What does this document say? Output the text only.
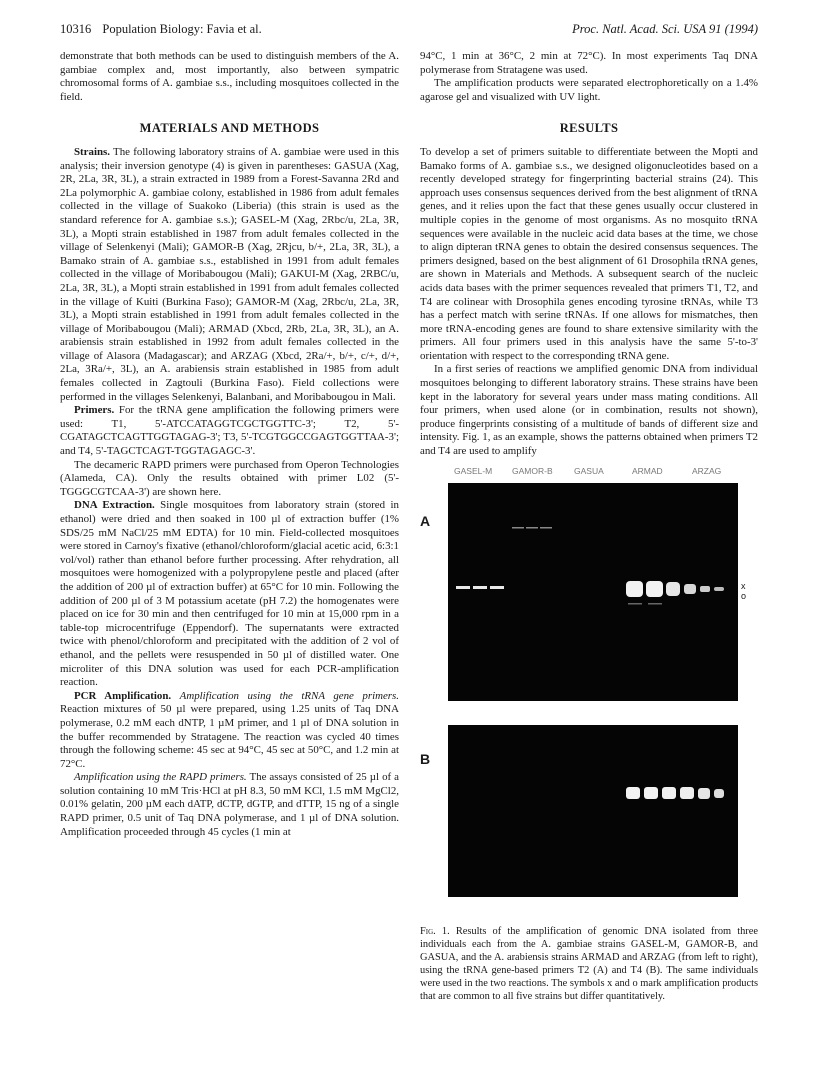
10316 Population Biology: Favia et al.	Proc. Natl. Acad. Sci. USA 91 (1994)

demonstrate that both methods can be used to distinguish members of the A. gambiae complex and, most importantly, also between sympatric chromosomal forms of A. gambiae s.s., including mosquitoes collected in the field.

MATERIALS AND METHODS

Strains. The following laboratory strains of A. gambiae were used in this analysis; their inversion genotype (4) is given in parentheses: GASUA (Xag, 2R, 2La, 3R, 3L), a strain extracted in 1989 from a Forest-Savanna 2Rd and 2La polymorphic A. gambiae colony, established in 1986 from adult females collected in the village of Suakoko (Liberia) (this strain is used as the standard reference for A. gambiae s.s.); GASEL-M (Xag, 2Rbc/u, 2La, 3R, 3L), a Mopti strain established in 1987 from adult females collected in the village of Selenkenyi (Mali); GAMOR-B (Xag, 2Rjcu, b/+, 2La, 3R, 3L), a Bamako strain of A. gambiae s.s., established in 1991 from adult females collected in the village of Moribabougou (Mali); GAKUI-M (Xag, 2RBC/u, 2La, 3R, 3L), a Mopti strain established in 1991 from adult females collected in the village of Kuiti (Burkina Faso); GAMOR-M (Xag, 2Rbc/u, 2La, 3R, 3L), a Mopti strain established in 1991 from adult females collected in the village of Moribabougou (Mali); ARMAD (Xbcd, 2Rb, 2La, 3R, 3L), an A. arabiensis strain established in 1992 from adult females collected in the village of Alasora (Madagascar); and ARZAG (Xbcd, 2Ra/+, b/+, c/+, d/+, 2La, 3Ra/+, 3L), an A. arabiensis strain established in 1985 from adult females collected in Zagtouli (Burkina Faso). Field collections were performed in the villages Selenkenyi, Balanbani, and Moribabougou in Mali.

Primers. For the tRNA gene amplification the following primers were used: T1, 5'-ATCCATAGGTCGCTGGTTC-3'; T2, 5'-CGATAGCTCAGTTGGTAGAG-3'; T3, 5'-TCGTGGCCGAGTGGTTAA-3'; and T4, 5'-TAGCTCAGT-TGGTAGAGC-3'.

The decameric RAPD primers were purchased from Operon Technologies (Alameda, CA). Only the results obtained with primer L02 (5'-TGGGCGTCAA-3') are shown here.

DNA Extraction. Single mosquitoes from laboratory strain (stored in ethanol) were dried and then soaked in 100 µl of extraction buffer (1% SDS/25 mM NaCl/25 mM EDTA) for 10 min. Field-collected mosquitoes were stored in Carnoy's fixative (ethanol/chloroform/glacial acetic acid, 6:3:1 vol/vol) rather than ethanol before further processing. After rehydration, all mosquitoes were homogenized with a polypropylene pestle and placed (after the addition of 200 µl of extraction buffer) at 65°C for 10 min. Following the addition of 200 µl of 3 M potassium acetate (pH 7.2) the homogenates were placed on ice for 30 min and then centrifuged for 10 min at 15,000 rpm in a table-top microcentrifuge (Eppendorf). The supernatants were extracted twice with phenol/chloroform and precipitated with the addition of 2 vol of ethanol, and the pellets were resuspended in 50 µl of distilled water. One microliter of this DNA solution was used for each PCR-amplification reaction.

PCR Amplification. Amplification using the tRNA gene primers. Reaction mixtures of 50 µl were prepared, using 1.25 units of Taq DNA polymerase, 0.2 mM each dNTP, 1 µM primer, and 1 µl of DNA solution in the buffer recommended by Stratagene. The reaction was cycled 40 times through the following scheme: 45 sec at 94°C, 45 sec at 50°C, and 1.2 min at 72°C.

Amplification using the RAPD primers. The assays consisted of 25 µl of a solution containing 10 mM Tris·HCl at pH 8.3, 50 mM KCl, 1.5 mM MgCl2, 0.01% gelatin, 200 µM each dATP, dCTP, dGTP, and dTTP, 15 ng of a single RAPD primer, 0.5 unit of Taq DNA polymerase, and 1 µl of DNA solution. Amplification proceeded through 45 cycles (1 min at

94°C, 1 min at 36°C, 2 min at 72°C). In most experiments Taq DNA polymerase from Stratagene was used.

The amplification products were separated electrophoretically on a 1.4% agarose gel and visualized with UV light.

RESULTS

To develop a set of primers suitable to differentiate between the Mopti and Bamako forms of A. gambiae s.s., we designed oligonucleotides based on a recently developed strategy for fingerprinting bacterial strains (24). This approach uses consensus sequences derived from the best alignment of tRNA genes, and it relies upon the fact that these genes usually occur clustered in multiple copies in the genome of most organisms. As no mosquito tRNA sequences were available in the nucleic acid data bases at the time, we chose to align dipteran tRNA genes to obtain the desired consensus sequences. The primers designed, based on the best alignment of 61 Drosophila tRNA genes, are shown in Materials and Methods. A subsequent search of the nucleic acids data bases with the primer sequences revealed that primers T1, T2, and T4 are colinear with Drosophila genes encoding tyrosine tRNAs, while T3 has a perfect match with serine tRNAs. If one allows for mismatches, then more tRNA-encoding genes are found to share extensive similarity with the primers. All four primers used in this analysis have the same 5'-to-3' orientation with respect to the corresponding tRNA gene.

In a first series of reactions we amplified genomic DNA from individual mosquitoes belonging to different laboratory strains. These strains have been kept in the laboratory for several years under mass mating conditions. All four primers, when used alone (or in combination, results not shown), produce fingerprints consisting of a multitude of bands of different size and intensity. Fig. 1, as an example, shows the patterns obtained when primers T2 and T4 are used to amplify

GASEL-M GAMOR-B	GASUA	ARMAD	ARZAG
A
x
o
B
Fig. 1. Results of the amplification of genomic DNA isolated from three individuals each from the A. gambiae strains GASEL-M, GAMOR-B, and GASUA, and the A. arabiensis strains ARMAD and ARZAG (from left to right), using the tRNA gene-based primers T2 (A) and T4 (B). The same individuals were used in the two reactions. The symbols x and o mark amplification products that are common to all five strains but differ quantitatively.
